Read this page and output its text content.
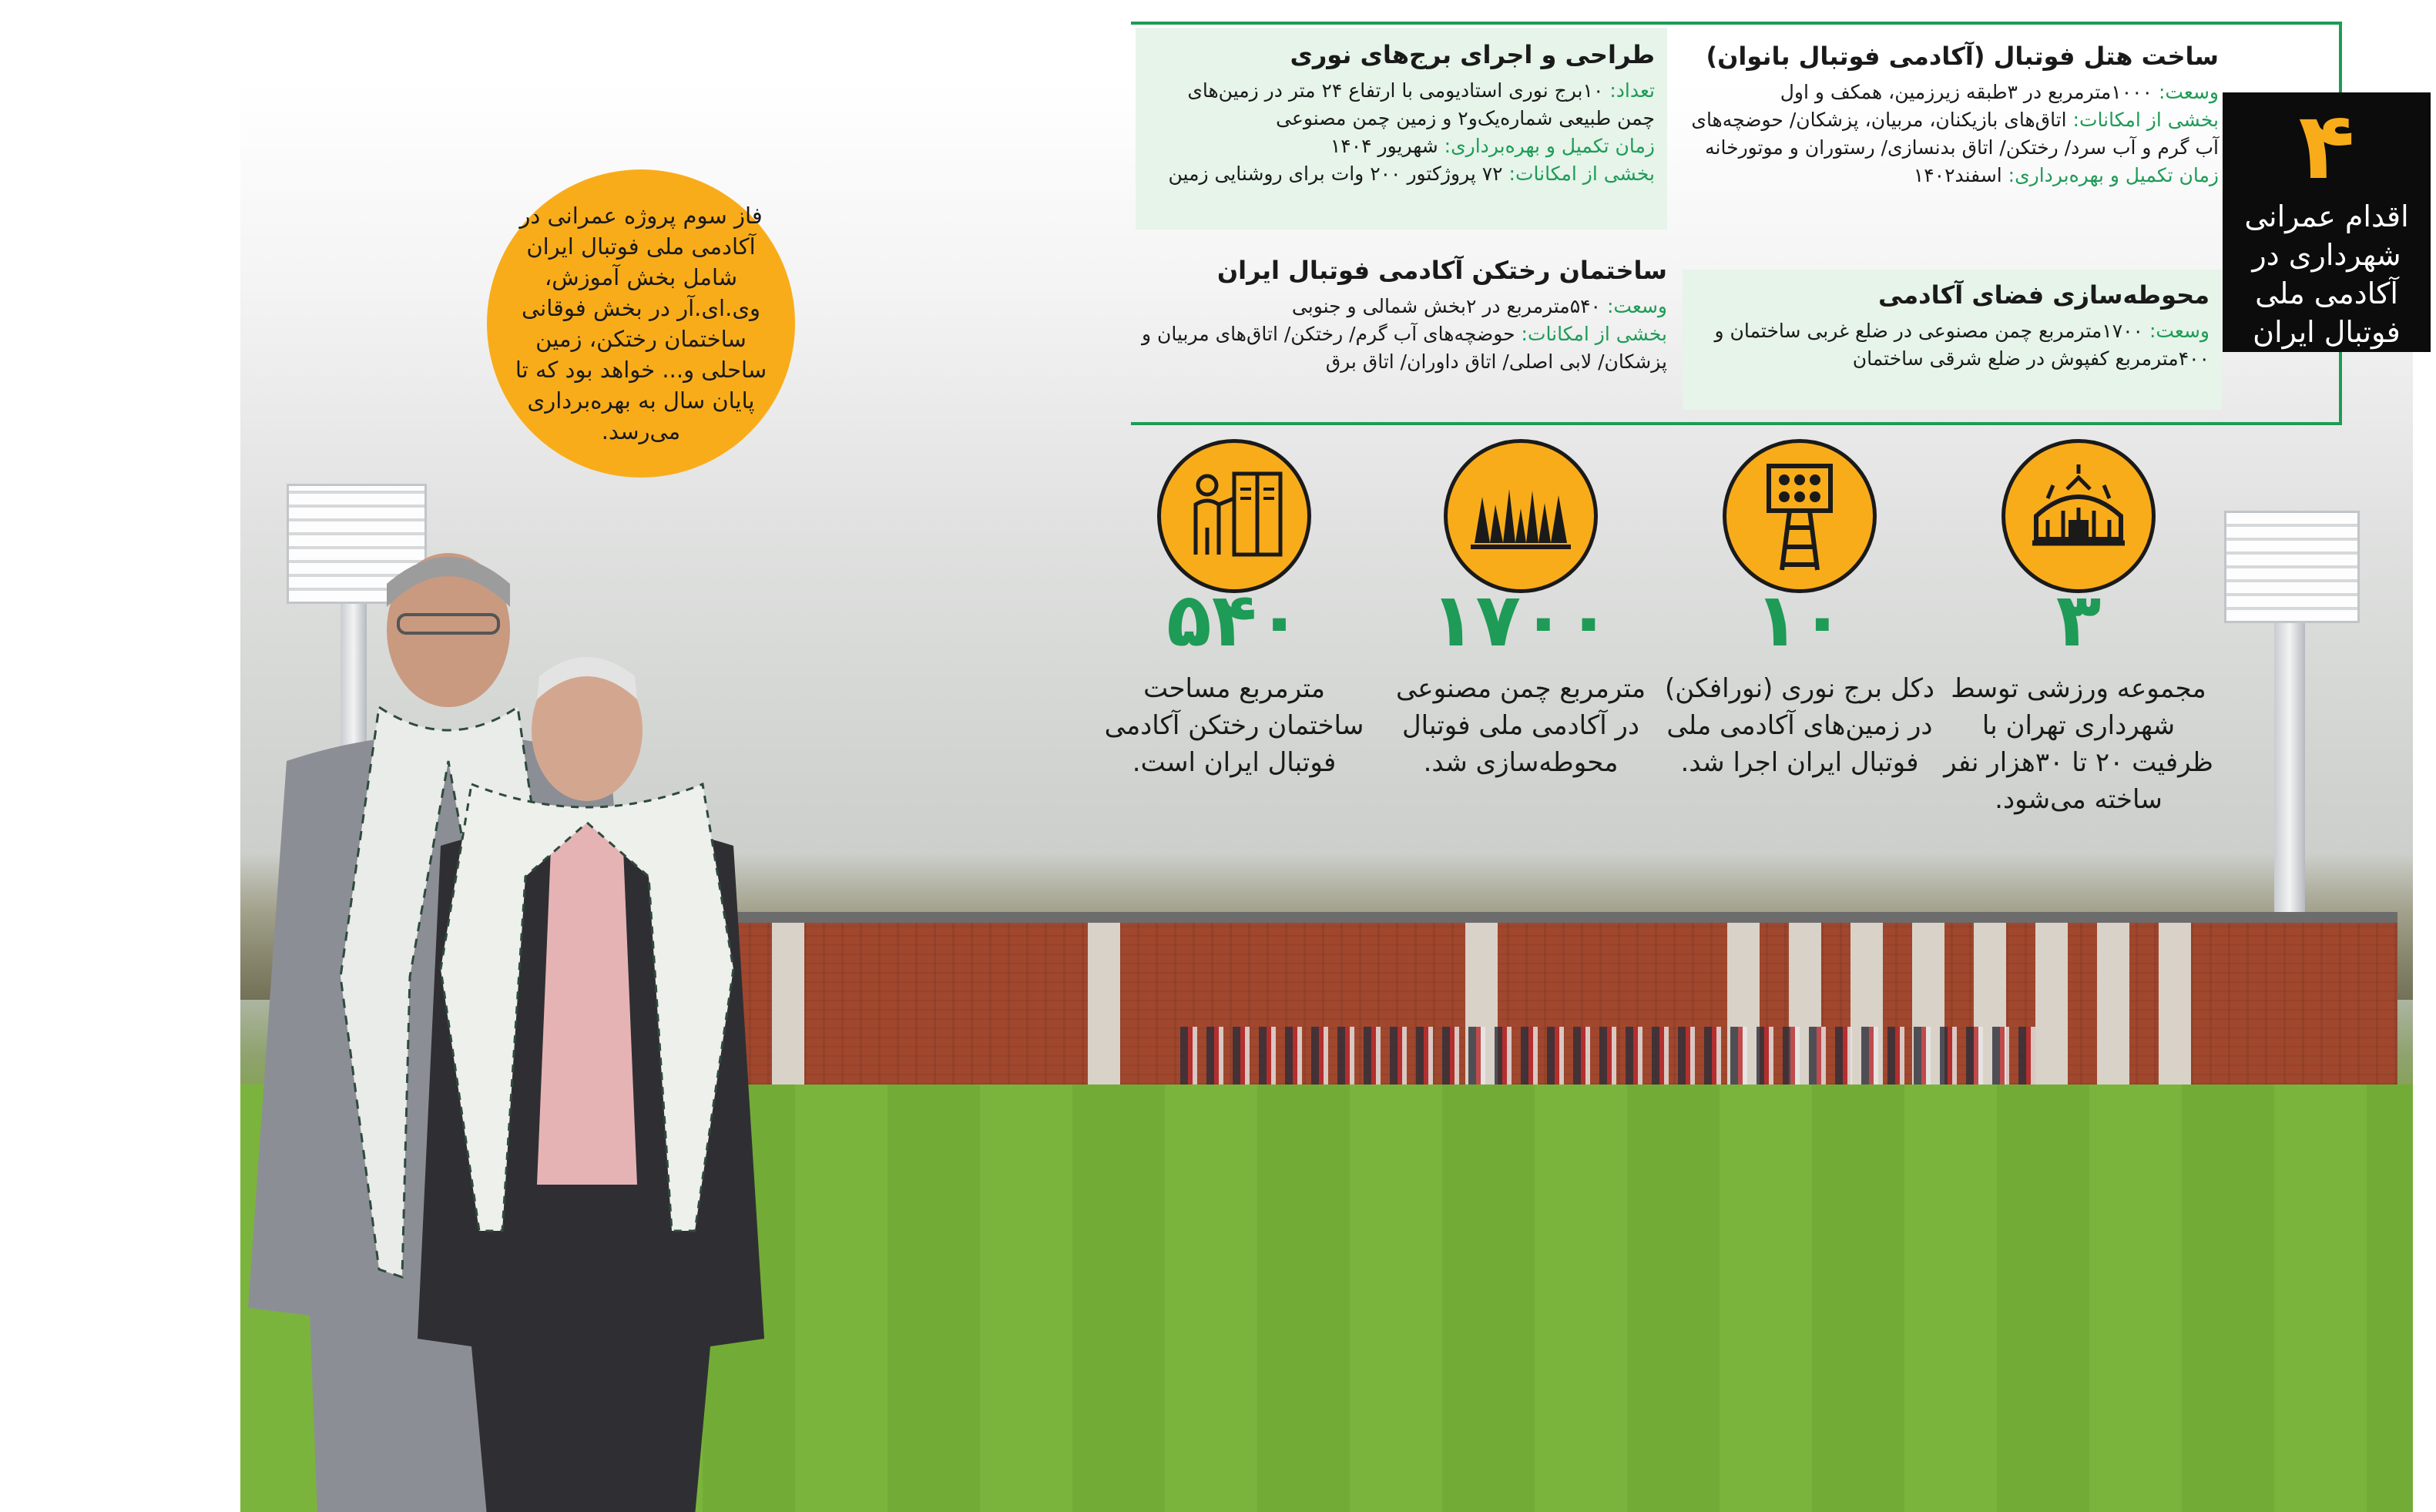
۴
اقدام عمرانی
شهرداری در
آکادمی ملی
فوتبال ایران
ساخت هتل فوتبال (آکادمی فوتبال بانوان)

وسعت: ۱۰۰۰مترمربع در ۳طبقه زیرزمین، همکف و اول

بخشی از امکانات: اتاق‌های بازیکنان، مربیان، پزشکان/ حوضچه‌های آب گرم و آب سرد/ رختکن/ اتاق بدنسازی/ رستوران و موتورخانه

زمان تکمیل و بهره‌برداری: اسفند۱۴۰۲

طراحی و اجرای برج‌های نوری

تعداد: ۱۰برج نوری استادیومی با ارتفاع ۲۴ متر در زمین‌های چمن طبیعی شماره‌یک‌و۲ و زمین چمن مصنوعی

زمان تکمیل و بهره‌برداری: شهریور ۱۴۰۴

بخشی از امکانات: ۷۲ پروژکتور ۲۰۰ وات برای روشنایی زمین

محوطه‌سازی فضای آکادمی

وسعت: ۱۷۰۰مترمربع چمن مصنوعی در ضلع غربی ساختمان و ۴۰۰مترمربع کفپوش در ضلع شرقی ساختمان

ساختمان رختکن آکادمی فوتبال ایران

وسعت: ۵۴۰مترمربع در ۲بخش شمالی و جنوبی

بخشی از امکانات: حوضچه‌های آب گرم/ رختکن/ اتاق‌های مربیان و پزشکان/ لابی اصلی/ اتاق داوران/ اتاق برق

فاز سوم پروژه عمرانی در آکادمی ملی فوتبال ایران شامل بخش آموزش، وی.ای.آر در بخش فوقانی ساختمان رختکن، زمین ساحلی و... خواهد بود که تا پایان سال به بهره‌برداری می‌رسد.
۳
مجموعه ورزشی توسط شهرداری تهران با ظرفیت ۲۰ تا ۳۰هزار نفر ساخته می‌شود.
۱۰
دکل برج نوری (نورافکن) در زمین‌های آکادمی ملی فوتبال ایران اجرا شد.
۱۷۰۰
مترمربع چمن مصنوعی در آکادمی ملی فوتبال محوطه‌سازی شد.
۵۴۰
مترمربع مساحت ساختمان رختکن آکادمی فوتبال ایران است.
